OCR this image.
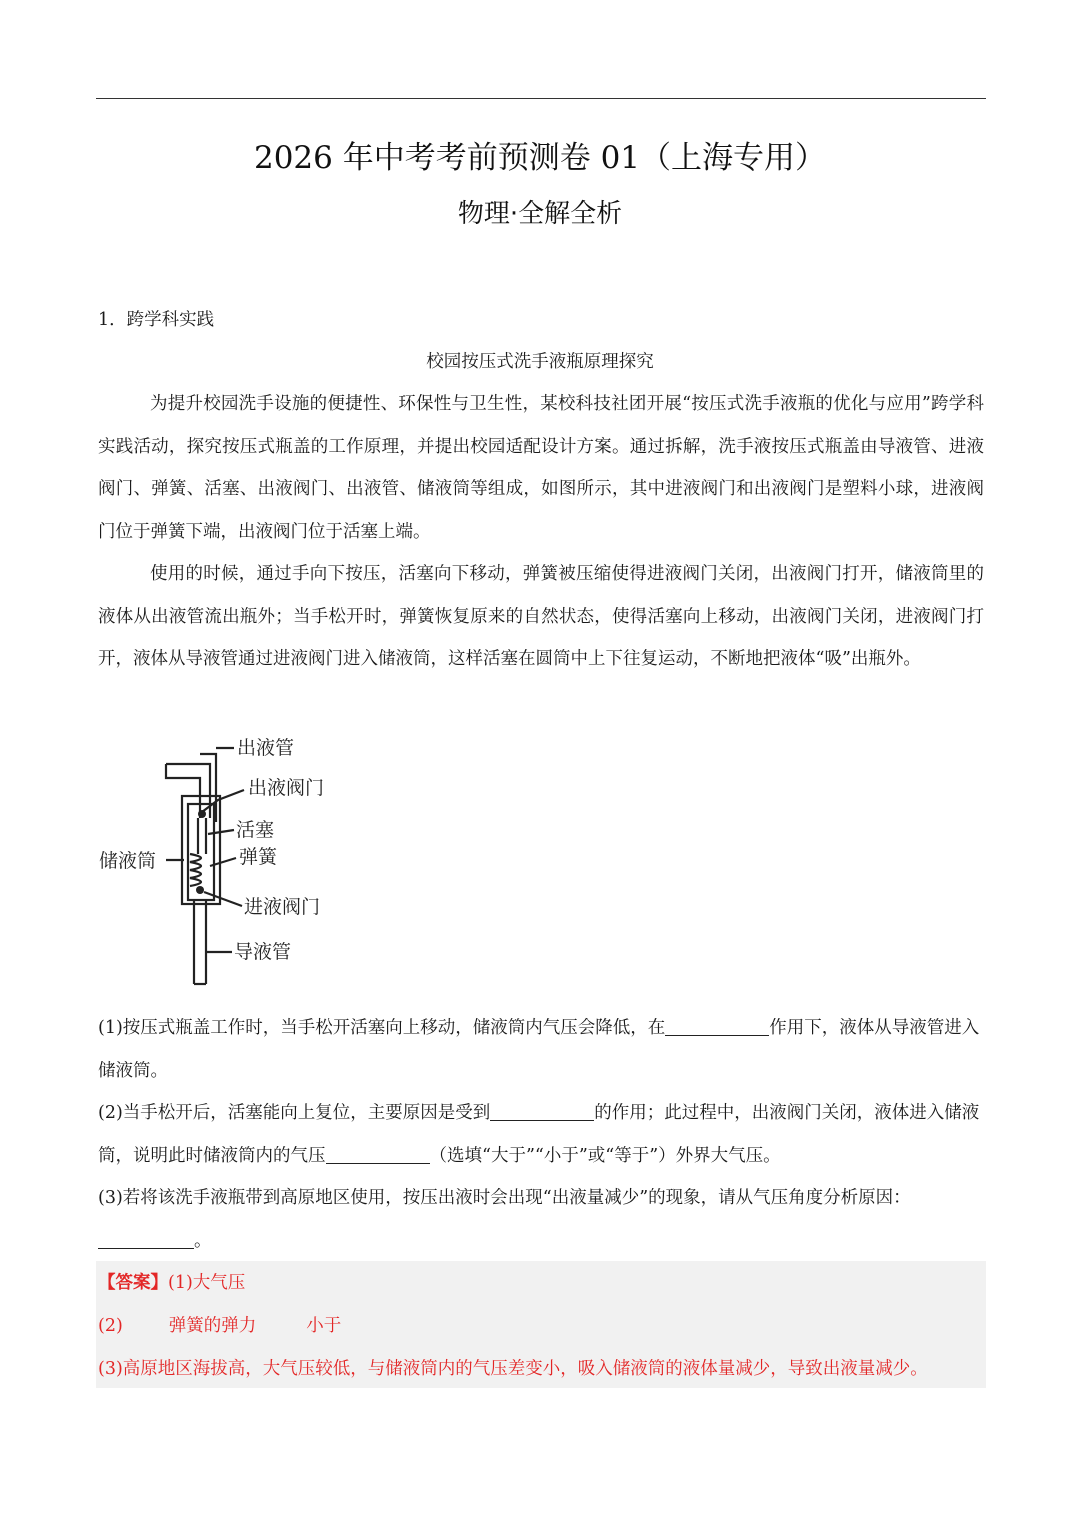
2026 年中考考前预测卷 01（上海专用）
物理·全解全析
1．跨学科实践
校园按压式洗手液瓶原理探究

为提升校园洗手设施的便捷性、环保性与卫生性，某校科技社团开展“按压式洗手液瓶的优化与应用”跨学科实践活动，探究按压式瓶盖的工作原理，并提出校园适配设计方案。通过拆解，洗手液按压式瓶盖由导液管、进液阀门、弹簧、活塞、出液阀门、出液管、储液筒等组成，如图所示，其中进液阀门和出液阀门是塑料小球，进液阀门位于弹簧下端，出液阀门位于活塞上端。

使用的时候，通过手向下按压，活塞向下移动，弹簧被压缩使得进液阀门关闭，出液阀门打开，储液筒里的液体从出液管流出瓶外；当手松开时，弹簧恢复原来的自然状态，使得活塞向上移动，出液阀门关闭，进液阀门打开，液体从导液管通过进液阀门进入储液筒，这样活塞在圆筒中上下往复运动，不断地把液体“吸”出瓶外。

出液管
出液阀门
活塞
储液筒	弹簧
进液阀门
导液管

(1)按压式瓶盖工作时，当手松开活塞向上移动，储液筒内气压会降低，在	作用下，液体从导液管进入储液筒。

(2)当手松开后，活塞能向上复位，主要原因是受到	的作用；此过程中，出液阀门关闭，液体进入储液筒，说明此时储液筒内的气压	（选填“大于”“小于”或“等于”）外界大气压。

(3)若将该洗手液瓶带到高原地区使用，按压出液时会出现“出液量减少”的现象，请从气压角度分析原因：
。

【答案】(1)大气压
(2)	弹簧的弹力	小于
(3)高原地区海拔高，大气压较低，与储液筒内的气压差变小，吸入储液筒的液体量减少，导致出液量减少。
